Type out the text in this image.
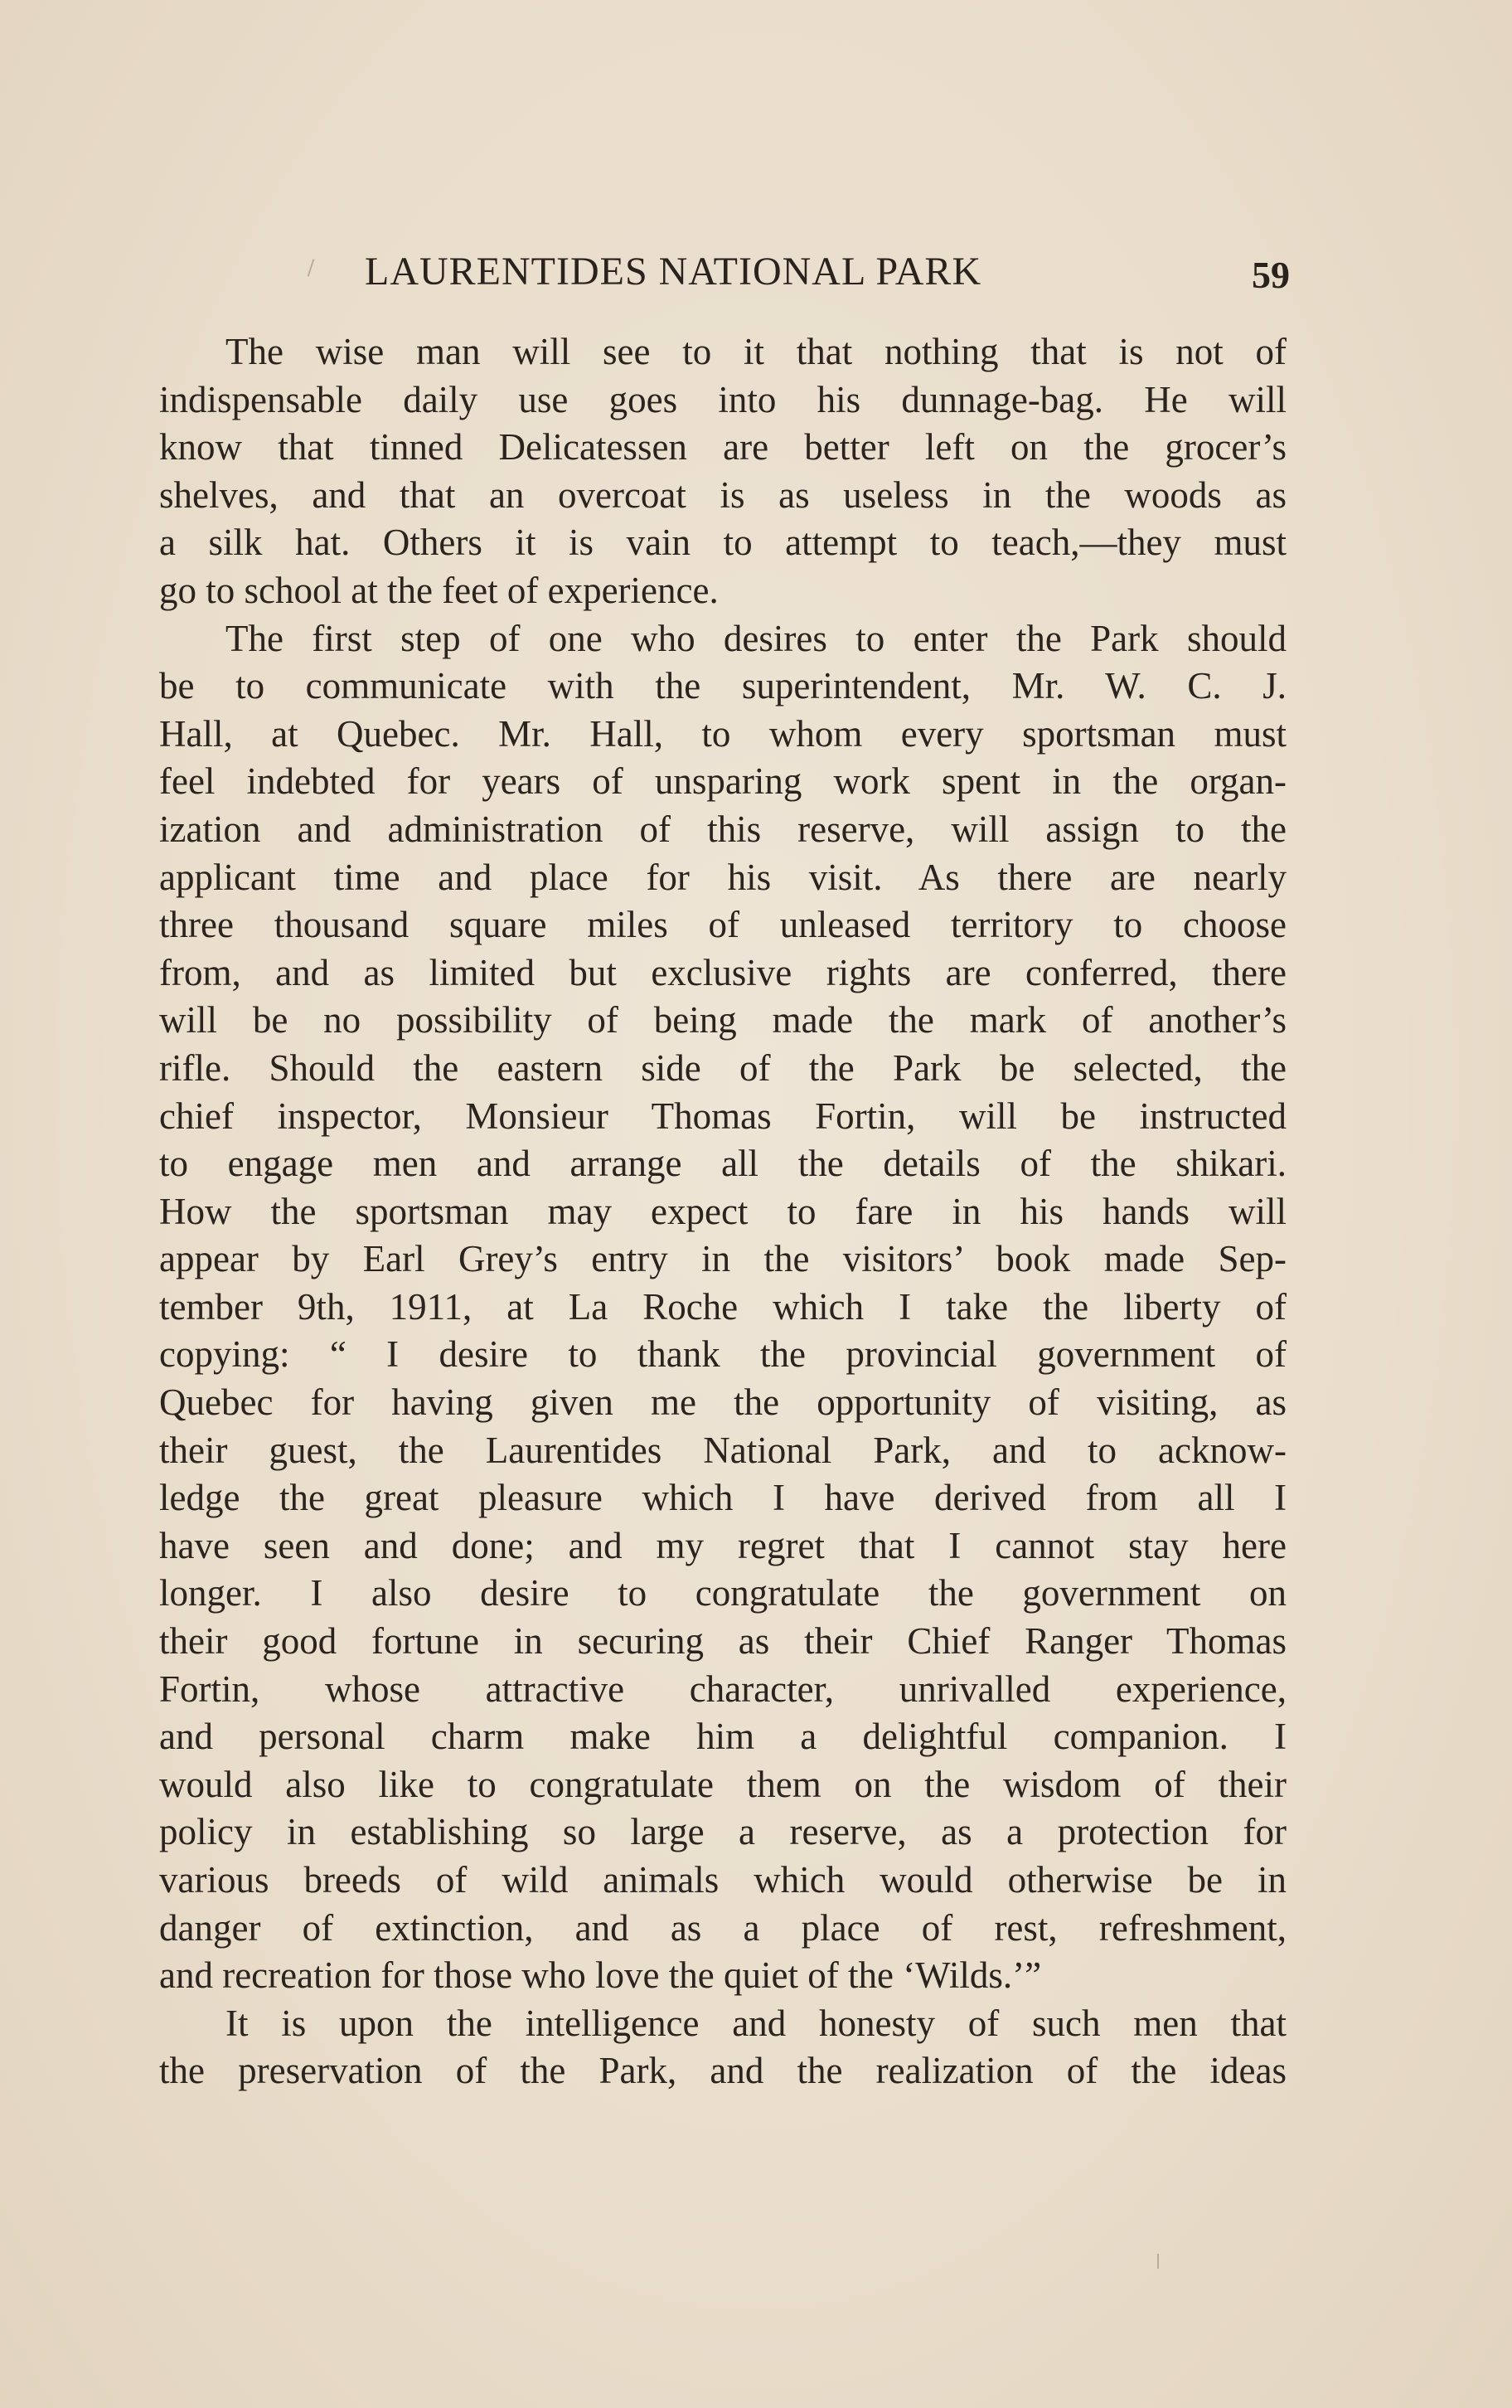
LAURENTIDES NATIONAL PARK	59
The wise man will see to it that nothing that is not of
indispensable daily use goes into his dunnage-bag. He will
know that tinned Delicatessen are better left on the grocer’s
shelves, and that an overcoat is as useless in the woods as
a silk hat. Others it is vain to attempt to teach,—they must
go to school at the feet of experience.
The first step of one who desires to enter the Park should
be to communicate with the superintendent, Mr. W. C. J.
Hall, at Quebec. Mr. Hall, to whom every sportsman must
feel indebted for years of unsparing work spent in the organ-
ization and administration of this reserve, will assign to the
applicant time and place for his visit. As there are nearly
three thousand square miles of unleased territory to choose
from, and as limited but exclusive rights are conferred, there
will be no possibility of being made the mark of another’s
rifle. Should the eastern side of the Park be selected, the
chief inspector, Monsieur Thomas Fortin, will be instructed
to engage men and arrange all the details of the shikari.
How the sportsman may expect to fare in his hands will
appear by Earl Grey’s entry in the visitors’ book made Sep-
tember 9th, 1911, at La Roche which I take the liberty of
copying: “ I desire to thank the provincial government of
Quebec for having given me the opportunity of visiting, as
their guest, the Laurentides National Park, and to acknow-
ledge the great pleasure which I have derived from all I
have seen and done; and my regret that I cannot stay here
longer. I also desire to congratulate the government on
their good fortune in securing as their Chief Ranger Thomas
Fortin, whose attractive character, unrivalled experience,
and personal charm make him a delightful companion. I
would also like to congratulate them on the wisdom of their
policy in establishing so large a reserve, as a protection for
various breeds of wild animals which would otherwise be in
danger of extinction, and as a place of rest, refreshment,
and recreation for those who love the quiet of the ‘Wilds.’”
It is upon the intelligence and honesty of such men that
the preservation of the Park, and the realization of the ideas
